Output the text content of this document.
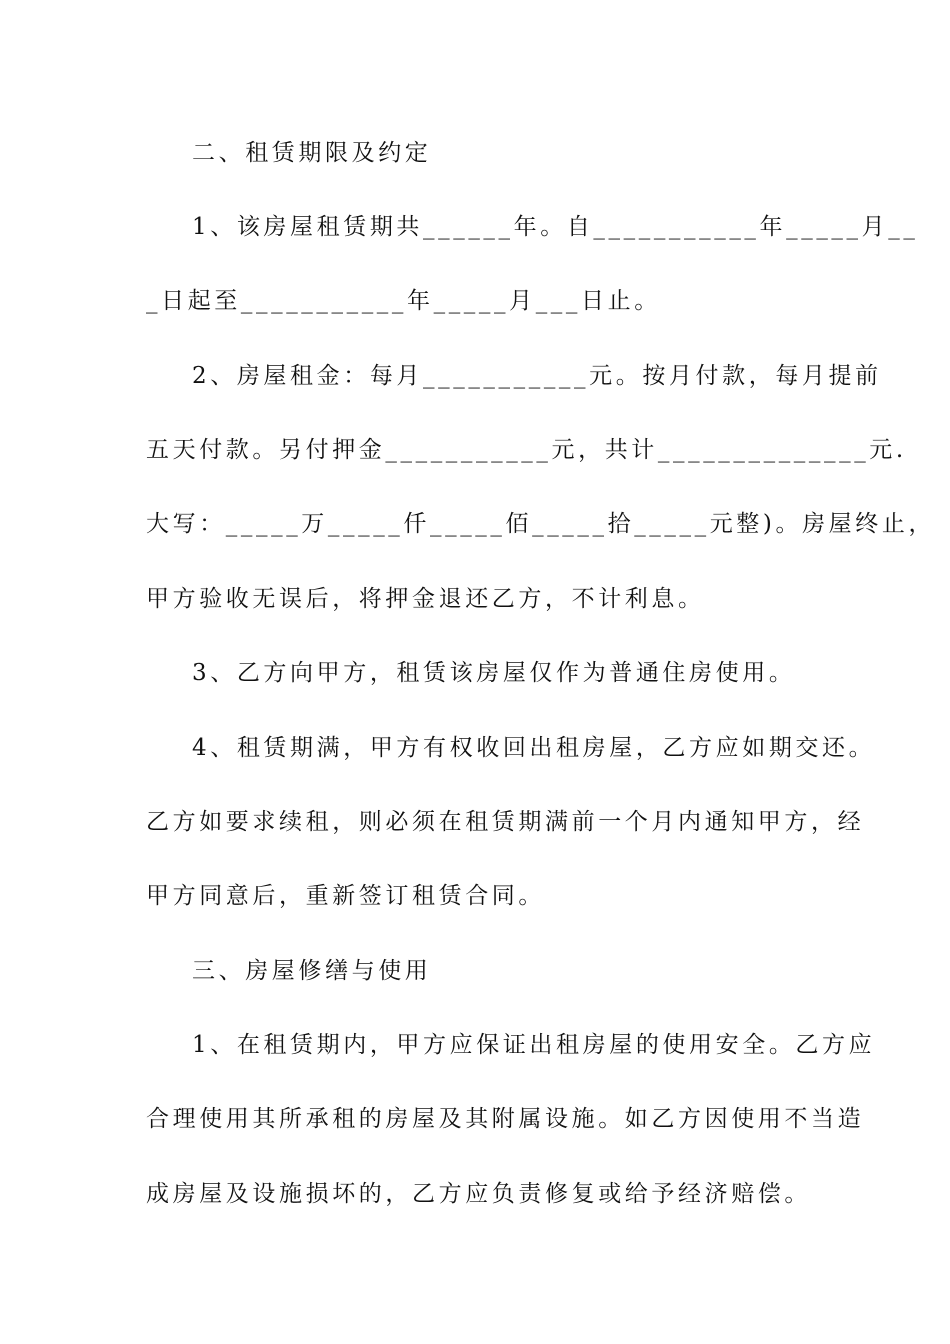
二、租赁期限及约定
1、该房屋租赁期共______年。自___________年_____月__
_日起至___________年_____月___日止。
2、房屋租金：每月___________元。按月付款，每月提前
五天付款。另付押金___________元，共计______________元.
大写：_____万_____仟_____佰_____拾_____元整)。房屋终止，
甲方验收无误后，将押金退还乙方，不计利息。
3、乙方向甲方，租赁该房屋仅作为普通住房使用。
4、租赁期满，甲方有权收回出租房屋，乙方应如期交还。
乙方如要求续租，则必须在租赁期满前一个月内通知甲方，经
甲方同意后，重新签订租赁合同。
三、房屋修缮与使用
1、在租赁期内，甲方应保证出租房屋的使用安全。乙方应
合理使用其所承租的房屋及其附属设施。如乙方因使用不当造
成房屋及设施损坏的，乙方应负责修复或给予经济赔偿。
